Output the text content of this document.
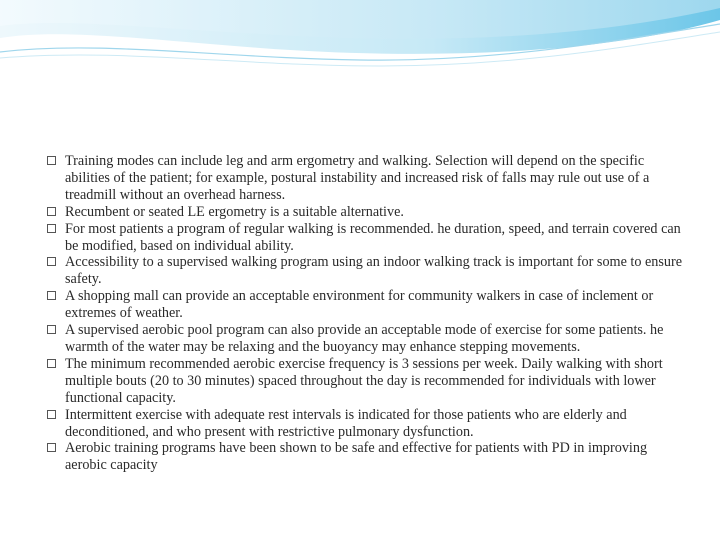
Training modes can include leg and arm ergometry and walking. Selection will depend on the specific abilities of the patient; for example, postural instability and increased risk of falls may rule out use of a treadmill without an overhead harness.

Recumbent or seated LE ergometry is a suitable alternative.

For most patients a program of regular walking is recommended. he duration, speed, and terrain covered can be modified, based on individual ability.

Accessibility to a supervised walking program using an indoor walking track is important for some to ensure safety.

A shopping mall can provide an acceptable environment for community walkers in case of inclement or extremes of weather.

A supervised aerobic pool program can also provide an acceptable mode of exercise for some patients. he warmth of the water may be relaxing and the buoyancy may enhance stepping movements.

The minimum recommended aerobic exercise frequency is 3 sessions per week. Daily walking with short multiple bouts (20 to 30 minutes) spaced throughout the day is recommended for individuals with lower functional capacity.

Intermittent exercise with adequate rest intervals is indicated for those patients who are elderly and deconditioned, and who present with restrictive pulmonary dysfunction.

Aerobic training programs have been shown to be safe and effective for patients with PD in improving aerobic capacity
